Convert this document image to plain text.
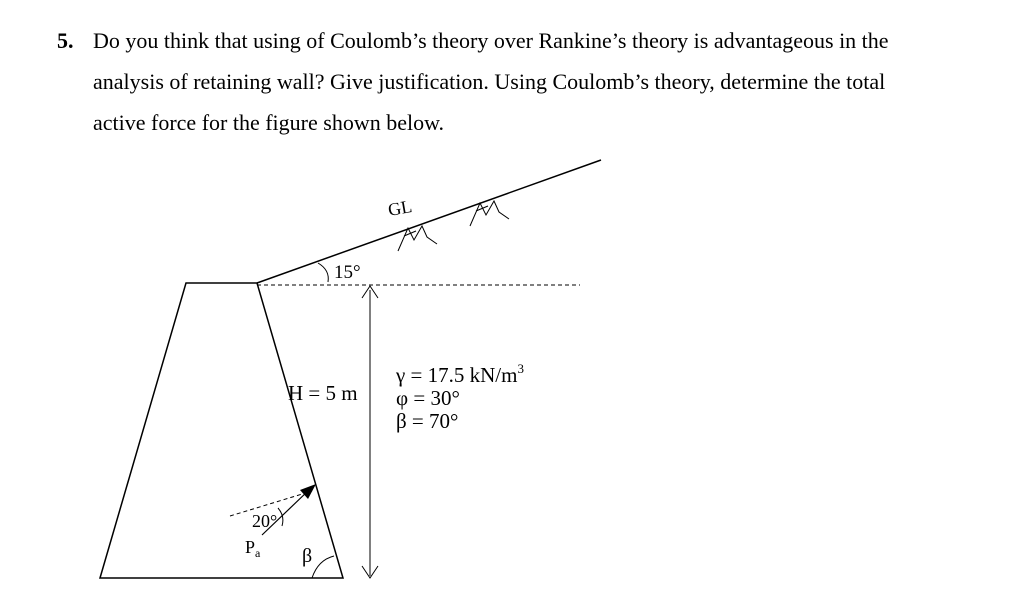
5. Do you think that using of Coulomb’s theory over Rankine’s theory is advantageous in the
analysis of retaining wall? Give justification. Using Coulomb’s theory, determine the total
active force for the figure shown below.
GL
15°
H = 5 m
γ = 17.5 $kN/m^3$
φ = 30°
β = 70°
20°
$P_a$ β
